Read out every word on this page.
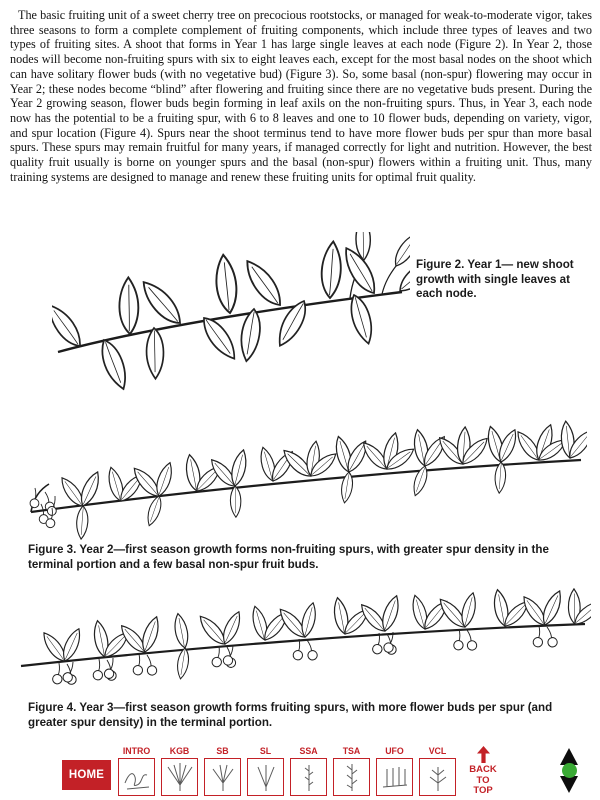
The basic fruiting unit of a sweet cherry tree on precocious rootstocks, or managed for weak-to-moderate vigor, takes three seasons to form a complete complement of fruiting components, which include three types of leaves and two types of fruiting sites. A shoot that forms in Year 1 has large single leaves at each node (Figure 2). In Year 2, those nodes will become non-fruiting spurs with six to eight leaves each, except for the most basal nodes on the shoot which can have solitary flower buds (with no vegetative bud) (Figure 3). So, some basal (non-spur) flowering may occur in Year 2; these nodes become “blind” after flowering and fruiting since there are no vegetative buds present. During the Year 2 growing season, flower buds begin forming in leaf axils on the non-fruiting spurs. Thus, in Year 3, each node now has the potential to be a fruiting spur, with 6 to 8 leaves and one to 10 flower buds, depending on variety, vigor, and spur location (Figure 4). Spurs near the shoot terminus tend to have more flower buds per spur than more basal spurs. These spurs may remain fruitful for many years, if managed correctly for light and nutrition. However, the best quality fruit usually is borne on younger spurs and the basal (non-spur) flowers within a fruiting unit. Thus, many training systems are designed to manage and renew these fruiting units for optimal fruit quality.

Figure 2. Year 1— new shoot growth with single leaves at each node.

Figure 3. Year 2—first season growth forms non-fruiting spurs, with greater spur density in the terminal portion and a few basal non-spur fruit buds.

Figure 4. Year 3—first season growth forms fruiting spurs, with more flower buds per spur (and greater spur density) in the terminal portion.

HOME
INTRO KGB	SB	SL	SSA	TSA	UFO	VCL
BACK TO TOP
